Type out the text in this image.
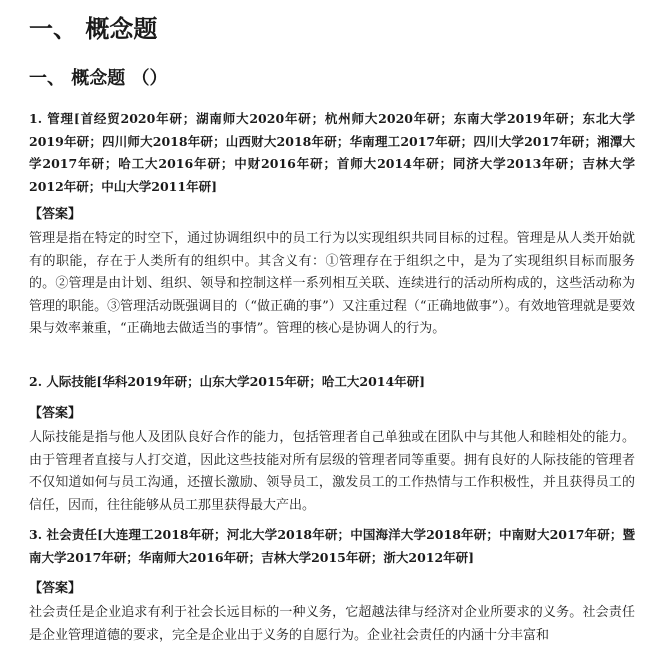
一、 概念题
一、 概念题 （）
1. 管理[首经贸2020年研；湖南师大2020年研；杭州师大2020年研；东南大学2019年研；东北大学2019年研；四川师大2018年研；山西财大2018年研；华南理工2017年研；四川大学2017年研；湘潭大学2017年研；哈工大2016年研；中财2016年研；首师大2014年研；同济大学2013年研；吉林大学2012年研；中山大学2011年研]
【答案】
管理是指在特定的时空下，通过协调组织中的员工行为以实现组织共同目标的过程。管理是从人类开始就有的职能，存在于人类所有的组织中。其含义有：①管理存在于组织之中，是为了实现组织目标而服务的。②管理是由计划、组织、领导和控制这样一系列相互关联、连续进行的活动所构成的，这些活动称为管理的职能。③管理活动既强调目的（“做正确的事”）又注重过程（“正确地做事”）。有效地管理就是要效果与效率兼重，“正确地去做适当的事情”。管理的核心是协调人的行为。
2. 人际技能[华科2019年研；山东大学2015年研；哈工大2014年研]
【答案】
人际技能是指与他人及团队良好合作的能力，包括管理者自己单独或在团队中与其他人和睦相处的能力。由于管理者直接与人打交道，因此这些技能对所有层级的管理者同等重要。拥有良好的人际技能的管理者不仅知道如何与员工沟通，还擅长激励、领导员工，激发员工的工作热情与工作积极性，并且获得员工的信任，因而，往往能够从员工那里获得最大产出。
3. 社会责任[大连理工2018年研；河北大学2018年研；中国海洋大学2018年研；中南财大2017年研；暨南大学2017年研；华南师大2016年研；吉林大学2015年研；浙大2012年研]
【答案】
社会责任是企业追求有利于社会长远目标的一种义务，它超越法律与经济对企业所要求的义务。社会责任是企业管理道德的要求，完全是企业出于义务的自愿行为。企业社会责任的内涵十分丰富和
